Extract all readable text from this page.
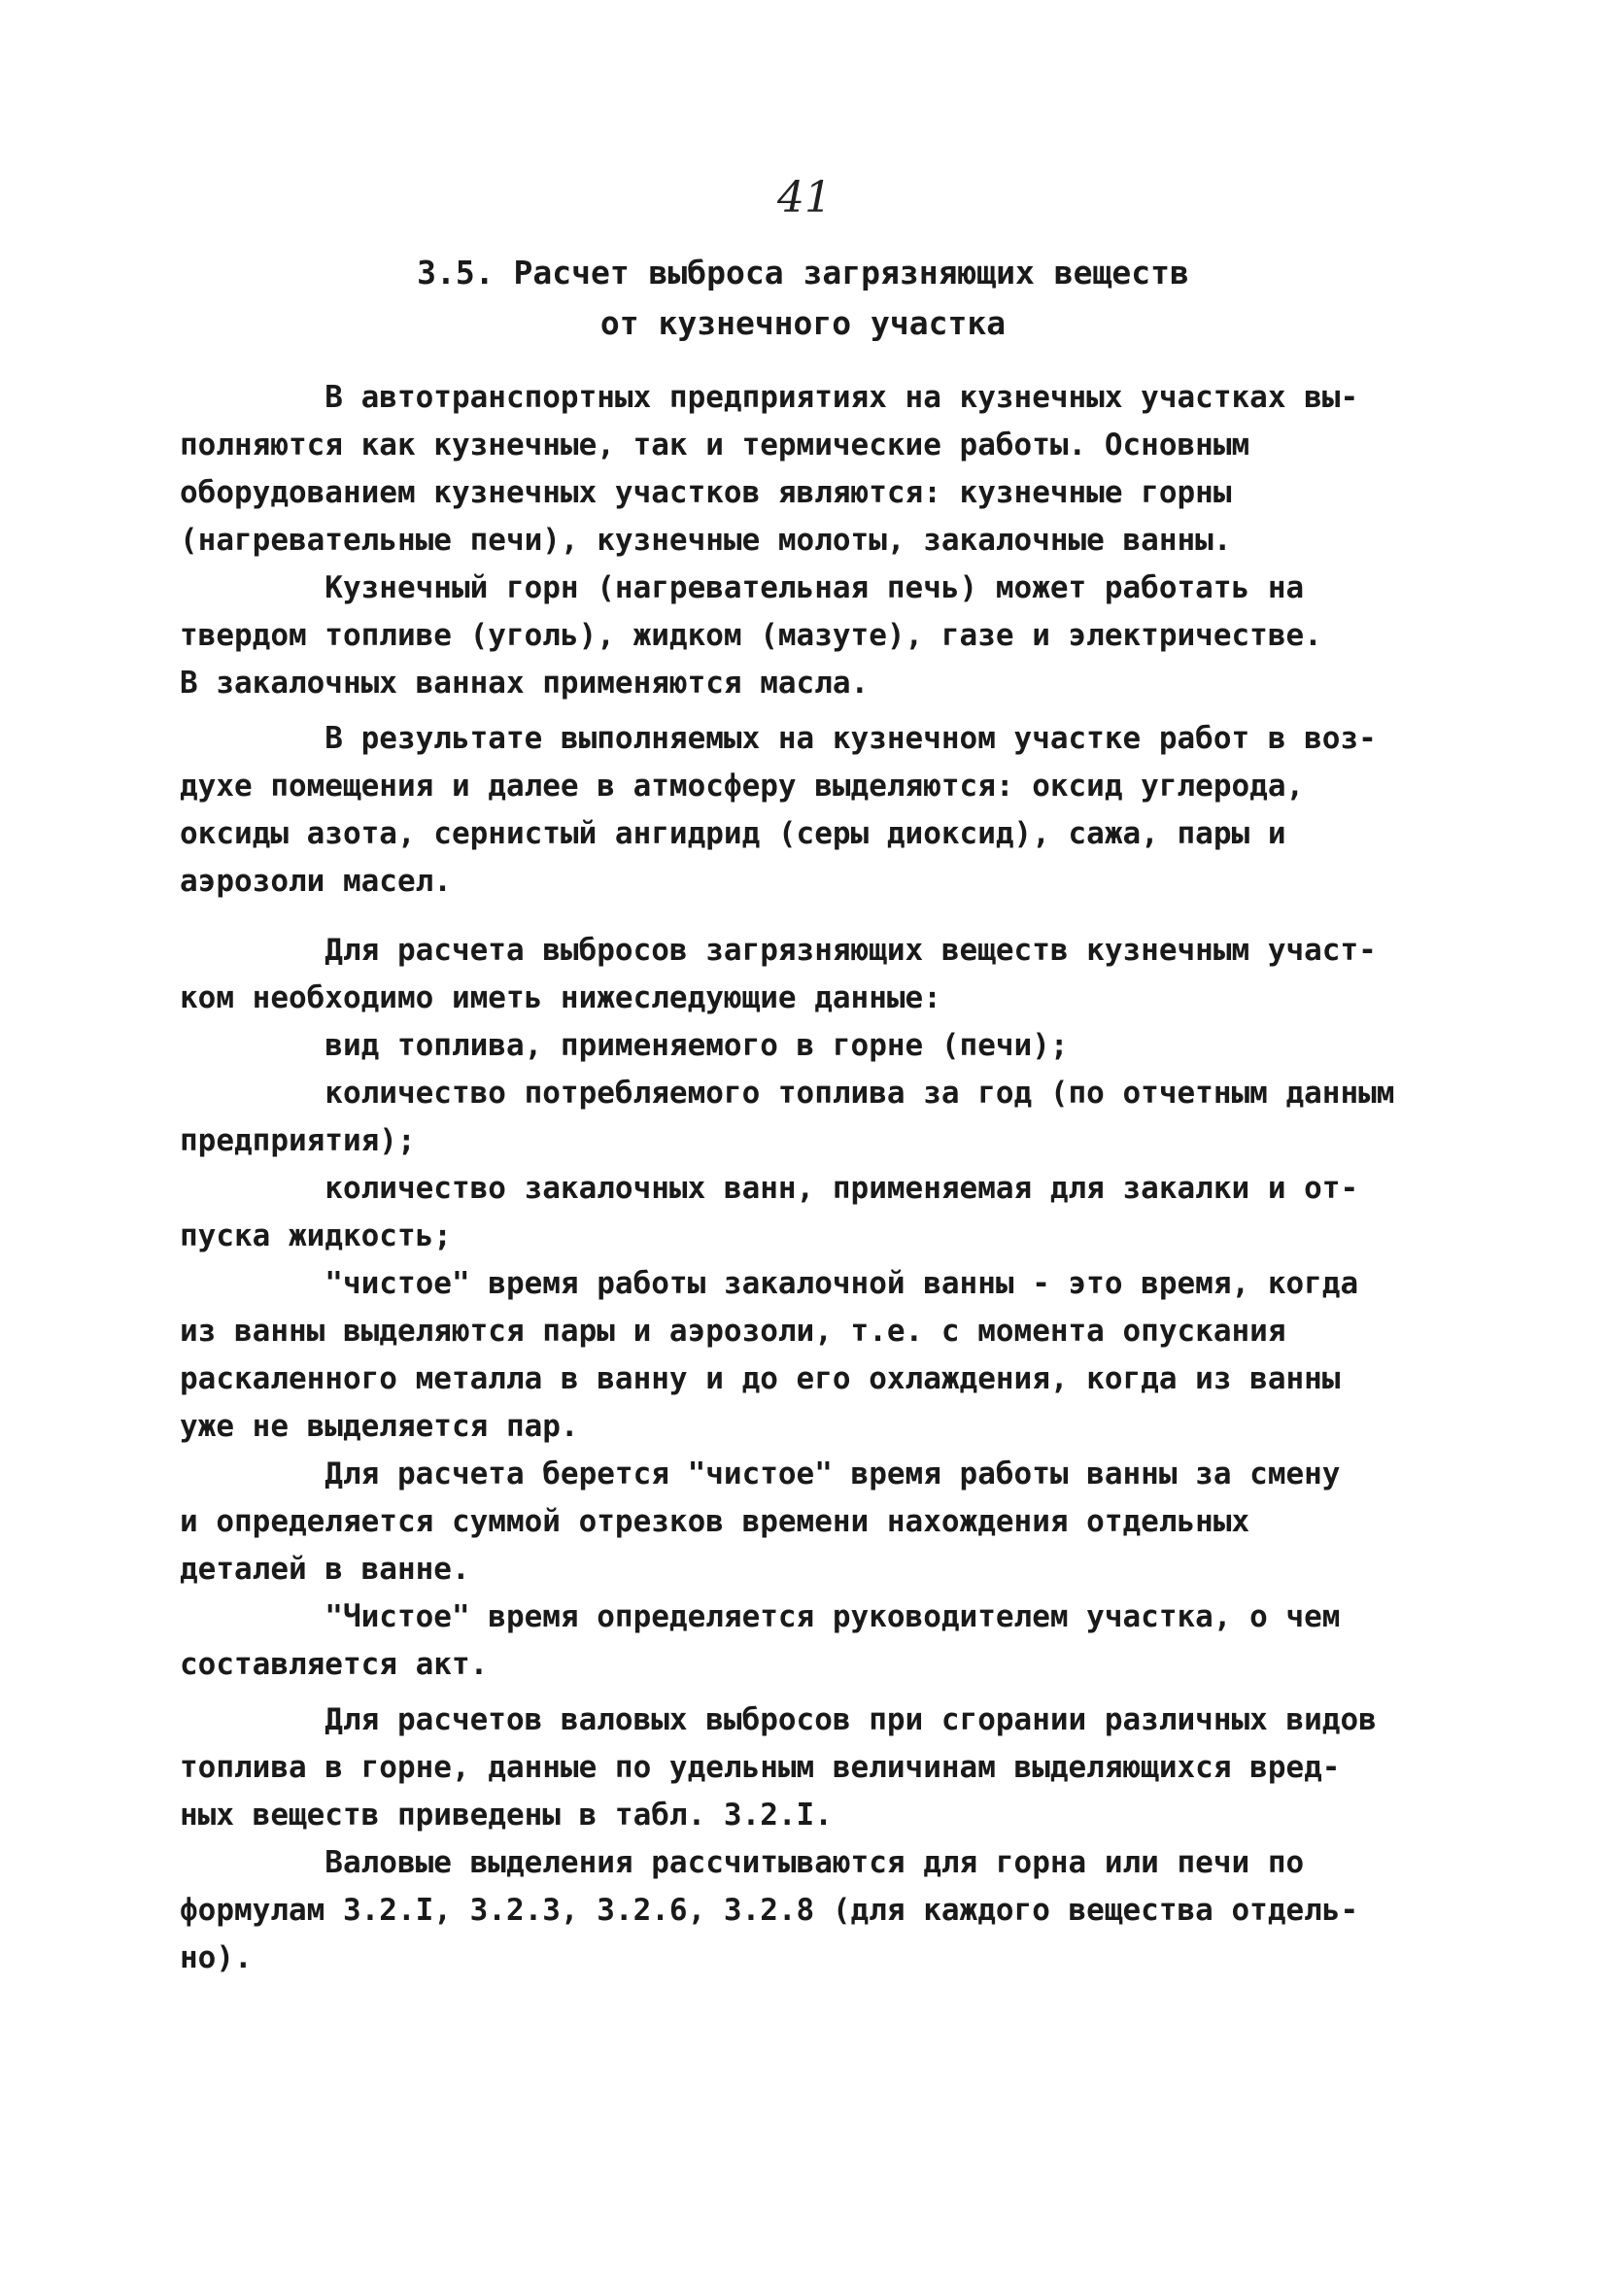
41
3.5. Расчет выброса загрязняющих веществ
от кузнечного участка
В автотранспортных предприятиях на кузнечных участках вы-
полняются как кузнечные, так и термические работы. Основным
оборудованием кузнечных участков являются: кузнечные горны
(нагревательные печи), кузнечные молоты, закалочные ванны.
Кузнечный горн (нагревательная печь) может работать на
твердом топливе (уголь), жидком (мазуте), газе и электричестве.
В закалочных ваннах применяются масла.
В результате выполняемых на кузнечном участке работ в воз-
духе помещения и далее в атмосферу выделяются: оксид углерода,
оксиды азота, сернистый ангидрид (серы диоксид), сажа, пары и
аэрозоли масел.
Для расчета выбросов загрязняющих веществ кузнечным участ-
ком необходимо иметь нижеследующие данные:
вид топлива, применяемого в горне (печи);
количество потребляемого топлива за год (по отчетным данным
предприятия);
количество закалочных ванн, применяемая для закалки и от-
пуска жидкость;
"чистое" время работы закалочной ванны - это время, когда
из ванны выделяются пары и аэрозоли, т.е. с момента опускания
раскаленного металла в ванну и до его охлаждения, когда из ванны
уже не выделяется пар.
Для расчета берется "чистое" время работы ванны за смену
и определяется суммой отрезков времени нахождения отдельных
деталей в ванне.
"Чистое" время определяется руководителем участка, о чем
составляется акт.
Для расчетов валовых выбросов при сгорании различных видов
топлива в горне, данные по удельным величинам выделяющихся вред-
ных веществ приведены в табл. 3.2.I.
Валовые выделения рассчитываются для горна или печи по
формулам 3.2.I, 3.2.3, 3.2.6, 3.2.8 (для каждого вещества отдель-
но).
